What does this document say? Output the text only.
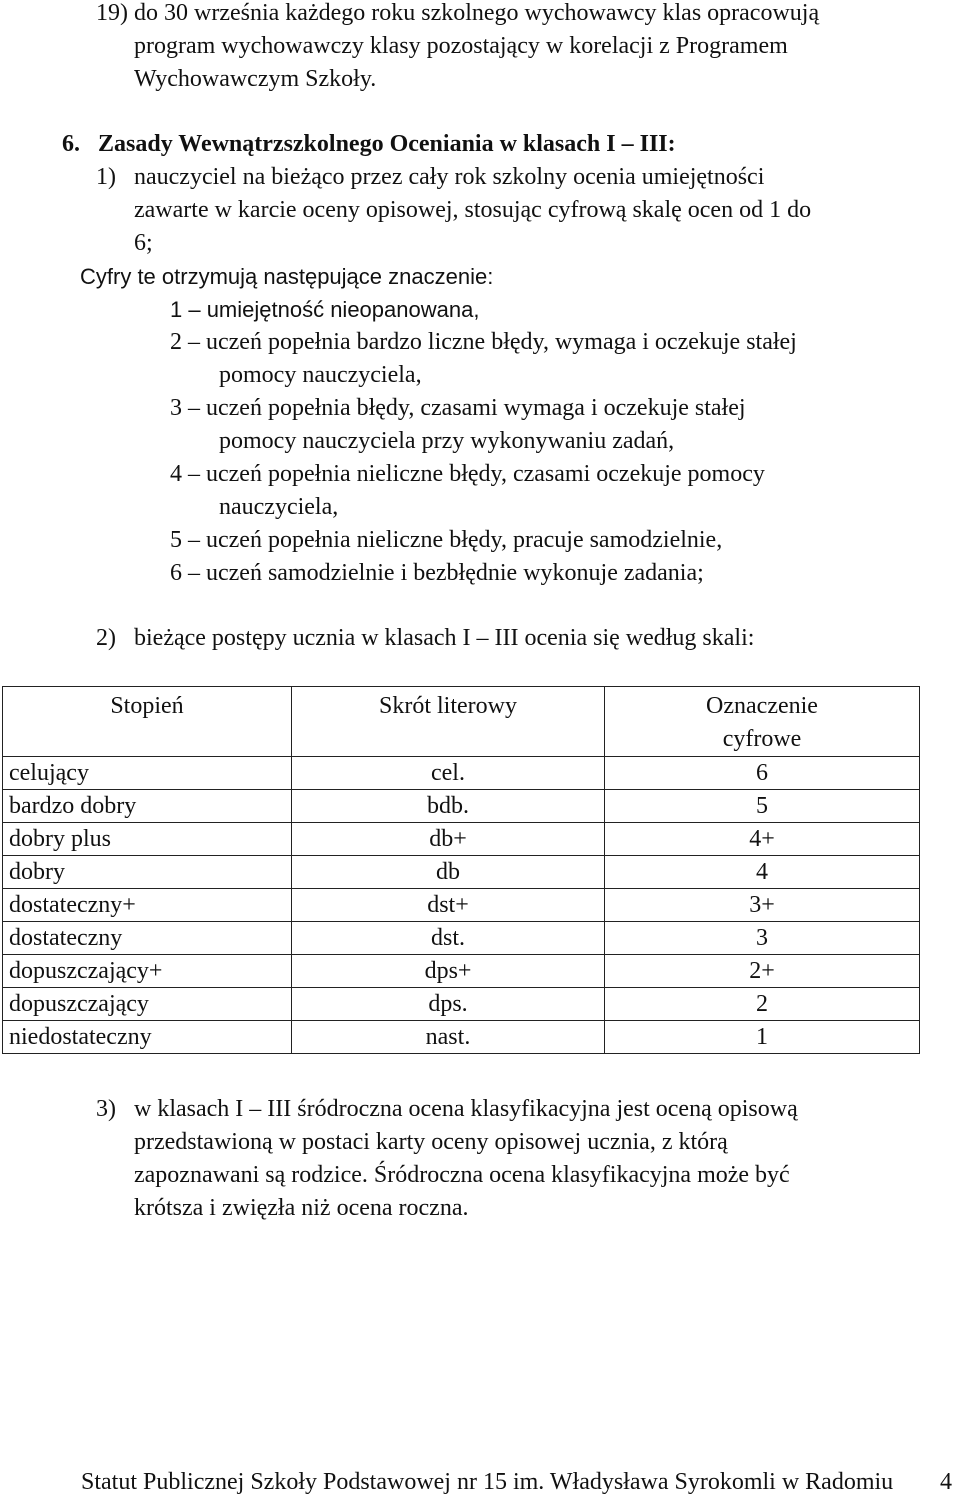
19) do 30 września każdego roku szkolnego wychowawcy klas opracowują
program wychowawczy klasy pozostający w korelacji z Programem
Wychowawczym Szkoły.
6. Zasady Wewnątrzszkolnego Oceniania w klasach I – III:
1) nauczyciel na bieżąco przez cały rok szkolny ocenia umiejętności
zawarte w karcie oceny opisowej, stosując cyfrową skalę ocen od 1 do
6;
Cyfry te otrzymują następujące znaczenie:
1 – umiejętność nieopanowana,
2 – uczeń popełnia bardzo liczne błędy, wymaga i oczekuje stałej
pomocy nauczyciela,
3 – uczeń popełnia błędy, czasami wymaga i oczekuje stałej
pomocy nauczyciela przy wykonywaniu zadań,
4 – uczeń popełnia nieliczne błędy, czasami oczekuje pomocy
nauczyciela,
5 – uczeń popełnia nieliczne błędy, pracuje samodzielnie,
6 – uczeń samodzielnie i bezbłędnie wykonuje zadania;
2) bieżące postępy ucznia w klasach I – III ocenia się według skali:
Stopień	Skrót literowy	Oznaczenie
cyfrowe

celujący	cel.	6
bardzo dobry	bdb.	5
dobry plus	db+	4+
dobry	db	4
dostateczny+	dst+	3+
dostateczny	dst.	3
dopuszczający+	dps+	2+
dopuszczający	dps.	2
niedostateczny	nast.	1
3) w klasach I – III śródroczna ocena klasyfikacyjna jest oceną opisową
przedstawioną w postaci karty oceny opisowej ucznia, z którą
zapoznawani są rodzice. Śródroczna ocena klasyfikacyjna może być
krótsza i zwięzła niż ocena roczna.
Statut Publicznej Szkoły Podstawowej nr 15 im. Władysława Syrokomli w Radomiu 4
